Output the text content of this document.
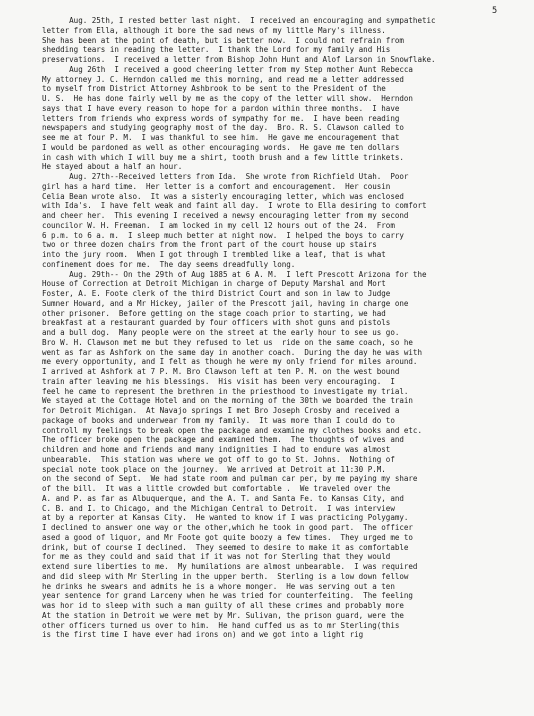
5
Aug. 25th, I rested better last night.  I received an encouraging and sympathetic
letter from Ella, although it bore the sad news of my little Mary's illness.
She has been at the point of death, but is better now.  I could not refrain from
shedding tears in reading the letter.  I thank the Lord for my family and His
preservations.  I received a letter from Bishop John Hunt and Alof Larson in Snowflake.
Aug 26th  I received a good cheering letter from my Step mother Aunt Rebecca
My attorney J. C. Herndon called me this morning, and read me a letter addressed
to myself from District Attorney Ashbrook to be sent to the President of the
U. S.  He has done fairly well by me as the copy of the letter will show.  Herndon
says that I have every reason to hope for a pardon within three months.  I have
letters from friends who express words of sympathy for me.  I have been reading
newspapers and studying geography most of the day.  Bro. R. S. Clawson called to
see me at four P. M.  I was thankful to see him.  He gave me encouragement that
I would be pardoned as well as other encouraging words.  He gave me ten dollars
in cash with which I will buy me a shirt, tooth brush and a few little trinkets.
He stayed about a half an hour.
Aug. 27th--Received letters from Ida.  She wrote from Richfield Utah.  Poor
girl has a hard time.  Her letter is a comfort and encouragement.  Her cousin
Celia Bean wrote also.  It was a sisterly encouraging letter, which was enclosed
with Ida's.  I have felt weak and faint all day.  I wrote to Ella desiring to comfort
and cheer her.  This evening I received a newsy encouraging letter from my second
councilor W. H. Freeman.  I am locked in my cell 12 hours out of the 24.  From
6 p.m. to 6 a. m.  I sleep much better at night now.  I helped the boys to carry
two or three dozen chairs from the front part of the court house up stairs
into the jury room.  When I got through I trembled like a leaf, that is what
confinement does for me.  The day seems dreadfully long.
Aug. 29th-- On the 29th of Aug 1885 at 6 A. M.  I left Prescott Arizona for the
House of Correction at Detroit Michigan in charge of Deputy Marshal and Mort
Foster, A. E. Foote clerk of the third District Court and son in law to Judge
Sumner Howard, and a Mr Hickey, jailer of the Prescott jail, having in charge one
other prisoner.  Before getting on the stage coach prior to starting, we had
breakfast at a restaurant guarded by four officers with shot guns and pistols
and a bull dog.  Many people were on the street at the early hour to see us go.
Bro W. H. Clawson met me but they refused to let us  ride on the same coach, so he
went as far as Ashfork on the same day in another coach.  During the day he was with
me every opportunity, and I felt as though he were my only friend for miles around.
I arrived at Ashfork at 7 P. M. Bro Clawson left at ten P. M. on the west bound
train after leaving me his blessings.  His visit has been very encouraging.  I
feel he came to represent the brethren in the priesthood to investigate my trial.
We stayed at the Cottage Hotel and on the morning of the 30th we boarded the train
for Detroit Michigan.  At Navajo springs I met Bro Joseph Crosby and received a
package of books and underwear from my family.  It was more than I could do to
controll my feelings to break open the package and examine my clothes books and etc.
The officer broke open the package and examined them.  The thoughts of wives and
children and home and friends and many indignities I had to endure was almost
unbearable.  This station was where we got off to go to St. Johns.  Nothing of
special note took place on the journey.  We arrived at Detroit at 11:30 P.M.
on the second of Sept.  We had state room and pulman car per, by me paying my share
of the bill.  It was a little crowded but comfortable .  We traveled over the
A. and P. as far as Albuquerque, and the A. T. and Santa Fe. to Kansas City, and
C. B. and I. to Chicago, and the Michigan Central to Detroit.  I was interview
at by a reporter at Kansas City.  He wanted to know if I was practicing Polygamy.
I declined to answer one way or the other,which he took in good part.  The officer
ased a good of liquor, and Mr Foote got quite boozy a few times.  They urged me to
drink, but of course I declined.  They seemed to desire to make it as comfortable
for me as they could and said that if it was not for Sterling that they would
extend sure liberties to me.  My humilations are almost unbearable.  I was required
and did sleep with Mr Sterling in the upper berth.  Sterling is a low down fellow
he drinks he swears and admits he is a whore monger.  He was serving out a ten
year sentence for grand Larceny when he was tried for counterfeiting.  The feeling
was hor id to sleep with such a man guilty of all these crimes and probably more
At the station in Detroit we were met by Mr. Sulivan, the prison guard, were the
other officers turned us over to him.  He hand cuffed us as to mr Sterling(this
is the first time I have ever had irons on) and we got into a light rig
